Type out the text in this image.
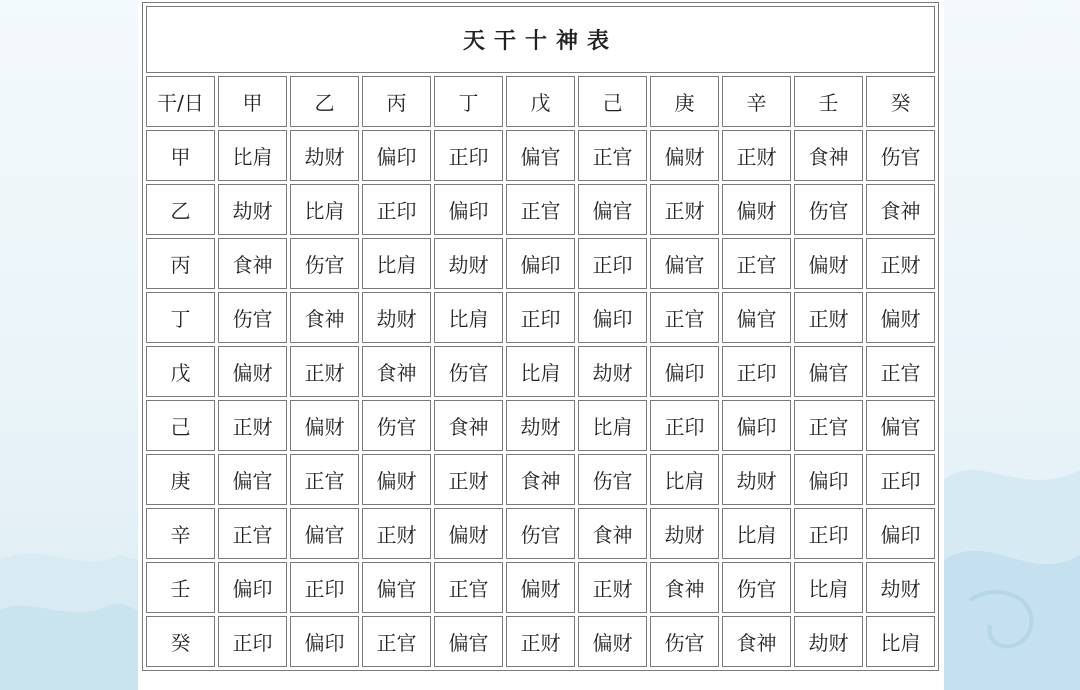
天干十神表										
干/日	甲	乙	丙	丁	戊	己	庚	辛	壬	癸
甲	比肩	劫财	偏印	正印	偏官	正官	偏财	正财	食神	伤官
乙	劫财	比肩	正印	偏印	正官	偏官	正财	偏财	伤官	食神
丙	食神	伤官	比肩	劫财	偏印	正印	偏官	正官	偏财	正财
丁	伤官	食神	劫财	比肩	正印	偏印	正官	偏官	正财	偏财
戊	偏财	正财	食神	伤官	比肩	劫财	偏印	正印	偏官	正官
己	正财	偏财	伤官	食神	劫财	比肩	正印	偏印	正官	偏官
庚	偏官	正官	偏财	正财	食神	伤官	比肩	劫财	偏印	正印
辛	正官	偏官	正财	偏财	伤官	食神	劫财	比肩	正印	偏印
壬	偏印	正印	偏官	正官	偏财	正财	食神	伤官	比肩	劫财
癸	正印	偏印	正官	偏官	正财	偏财	伤官	食神	劫财	比肩
